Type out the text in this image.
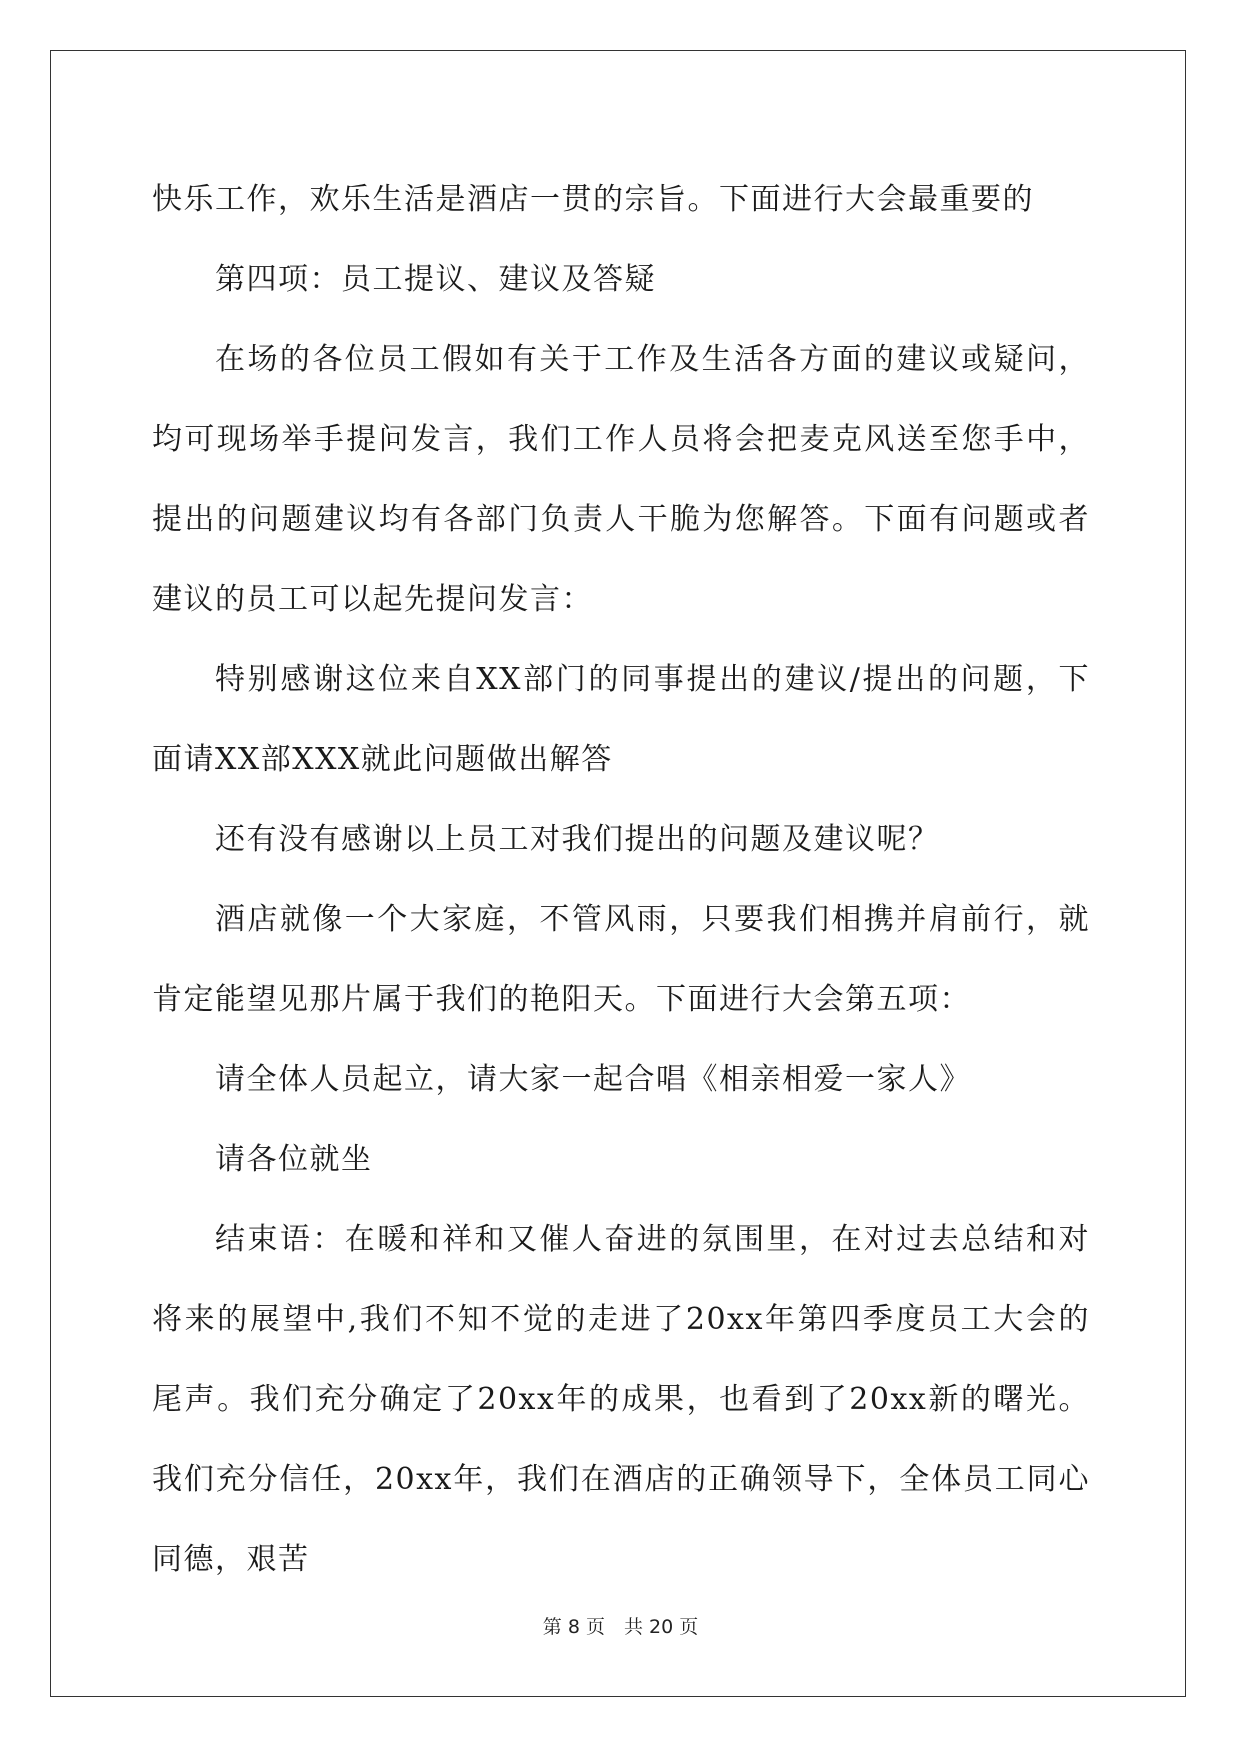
快乐工作，欢乐生活是酒店一贯的宗旨。下面进行大会最重要的

第四项：员工提议、建议及答疑

在场的各位员工假如有关于工作及生活各方面的建议或疑问，均可现场举手提问发言，我们工作人员将会把麦克风送至您手中，提出的问题建议均有各部门负责人干脆为您解答。下面有问题或者建议的员工可以起先提问发言：

特别感谢这位来自XX部门的同事提出的建议/提出的问题，下面请XX部XXX就此问题做出解答

还有没有感谢以上员工对我们提出的问题及建议呢？

酒店就像一个大家庭，不管风雨，只要我们相携并肩前行，就肯定能望见那片属于我们的艳阳天。下面进行大会第五项：

请全体人员起立，请大家一起合唱《相亲相爱一家人》

请各位就坐

结束语：在暖和祥和又催人奋进的氛围里，在对过去总结和对将来的展望中,我们不知不觉的走进了20xx年第四季度员工大会的尾声。我们充分确定了20xx年的成果，也看到了20xx新的曙光。我们充分信任，20xx年，我们在酒店的正确领导下，全体员工同心同德，艰苦

第 8 页　共 20 页
